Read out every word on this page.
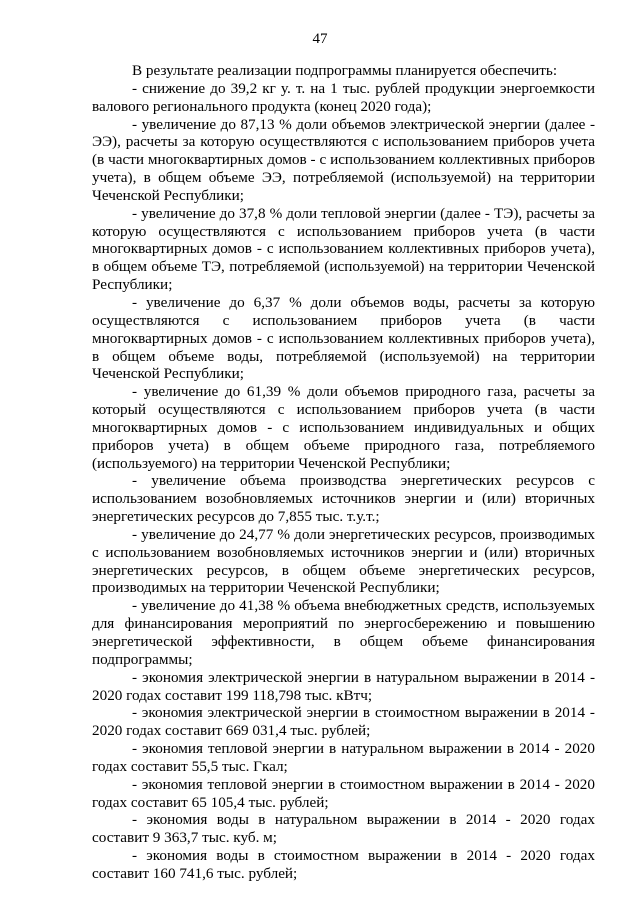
47

В результате реализации подпрограммы планируется обеспечить:

- снижение до 39,2 кг у. т. на 1 тыс. рублей продукции энергоемкости валового регионального продукта (конец 2020 года);

- увеличение до 87,13 % доли объемов электрической энергии (далее - ЭЭ), расчеты за которую осуществляются с использованием приборов учета (в части многоквартирных домов - с использованием коллективных приборов учета), в общем объеме ЭЭ, потребляемой (используемой) на территории Чеченской Республики;

- увеличение до 37,8 % доли тепловой энергии (далее - ТЭ), расчеты за которую осуществляются с использованием приборов учета (в части многоквартирных домов - с использованием коллективных приборов учета), в общем объеме ТЭ, потребляемой (используемой) на территории Чеченской Республики;

- увеличение до 6,37 % доли объемов воды, расчеты за которую осуществляются с использованием приборов учета (в части многоквартирных домов - с использованием коллективных приборов учета), в общем объеме воды, потребляемой (используемой) на территории Чеченской Республики;

- увеличение до 61,39 % доли объемов природного газа, расчеты за который осуществляются с использованием приборов учета (в части многоквартирных домов - с использованием индивидуальных и общих приборов учета) в общем объеме природного газа, потребляемого (используемого) на территории Чеченской Республики;

- увеличение объема производства энергетических ресурсов с использованием возобновляемых источников энергии и (или) вторичных энергетических ресурсов до 7,855 тыс. т.у.т.;

- увеличение до 24,77 % доли энергетических ресурсов, производимых с использованием возобновляемых источников энергии и (или) вторичных энергетических ресурсов, в общем объеме энергетических ресурсов, производимых на территории Чеченской Республики;

- увеличение до 41,38 % объема внебюджетных средств, используемых для финансирования мероприятий по энергосбережению и повышению энергетической эффективности, в общем объеме финансирования подпрограммы;

- экономия электрической энергии в натуральном выражении в 2014 - 2020 годах составит 199 118,798 тыс. кВтч;

- экономия электрической энергии в стоимостном выражении в 2014 - 2020 годах составит 669 031,4 тыс. рублей;

- экономия тепловой энергии в натуральном выражении в 2014 - 2020 годах составит 55,5 тыс. Гкал;

- экономия тепловой энергии в стоимостном выражении в 2014 - 2020 годах составит 65 105,4 тыс. рублей;

- экономия воды в натуральном выражении в 2014 - 2020 годах составит 9 363,7 тыс. куб. м;

- экономия воды в стоимостном выражении в 2014 - 2020 годах составит 160 741,6 тыс. рублей;
